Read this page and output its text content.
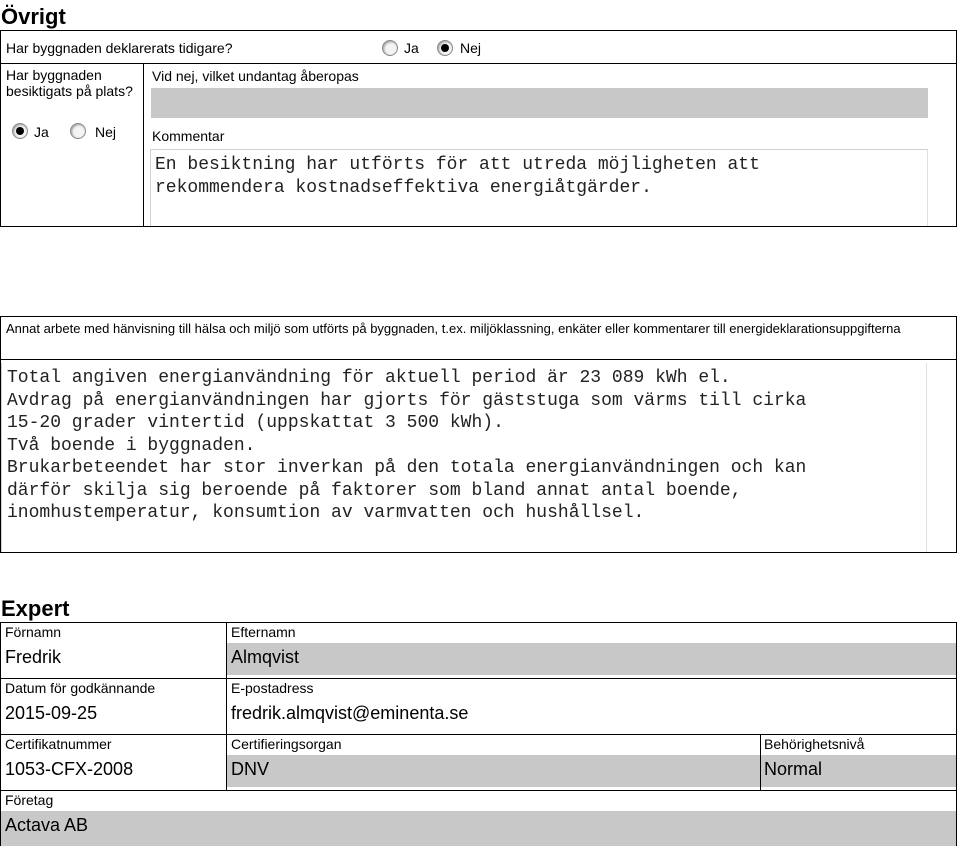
Övrigt
Har byggnaden deklarerats tidigare?	Ja	Nej
Har byggnaden besiktigats på plats?
Ja	Nej
Vid nej, vilket undantag åberopas
Kommentar
En besiktning har utförts för att utreda möjligheten att
rekommendera kostnadseffektiva energiåtgärder.
Annat arbete med hänvisning till hälsa och miljö som utförts på byggnaden, t.ex. miljöklassning, enkäter eller kommentarer till energideklarationsuppgifterna
Total angiven energianvändning för aktuell period är 23 089 kWh el.
Avdrag på energianvändningen har gjorts för gäststuga som värms till cirka
15-20 grader vintertid (uppskattat 3 500 kWh).
Två boende i byggnaden.
Brukarbeteendet har stor inverkan på den totala energianvändningen och kan
därför skilja sig beroende på faktorer som bland annat antal boende,
inomhustemperatur, konsumtion av varmvatten och hushållsel.
Expert
Förnamn
Fredrik
Efternamn
Almqvist
Datum för godkännande
2015-09-25
E-postadress
fredrik.almqvist@eminenta.se
Certifikatnummer
1053-CFX-2008
Certifieringsorgan
DNV
Behörighetsnivå
Normal
Företag
Actava AB
